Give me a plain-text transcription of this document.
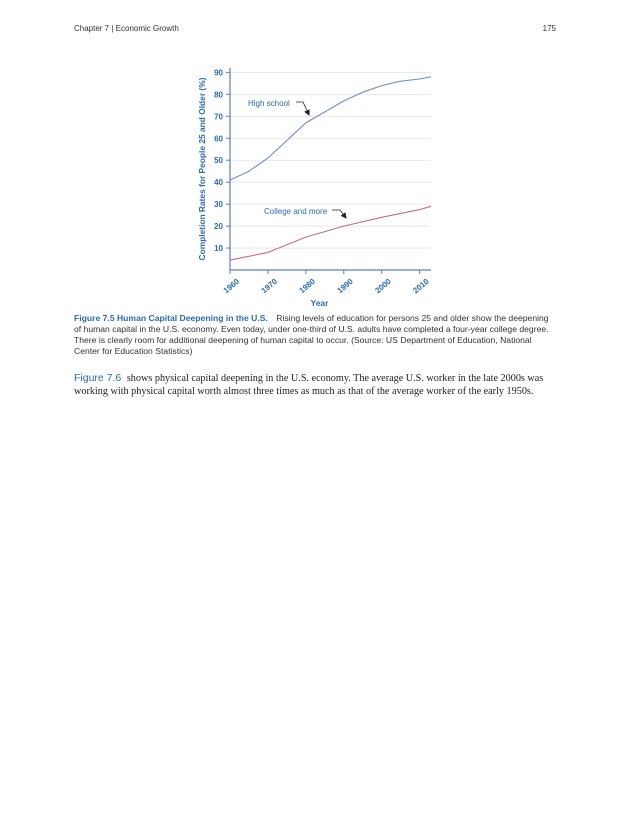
Chapter 7 | Economic Growth	175
10
20
30
40
50
60
70
80
90
1960 1970 1980 1990 2000 2010
High school
College and more
Completion Rates for People 25 and Older (%)
Year
Figure 7.5 Human Capital Deepening in the U.S. Rising levels of education for persons 25 and older show the deepening of human capital in the U.S. economy. Even today, under one-third of U.S. adults have completed a four-year college degree. There is clearly room for additional deepening of human capital to occur. (Source: US Department of Education, National Center for Education Statistics)
Figure 7.6 shows physical capital deepening in the U.S. economy. The average U.S. worker in the late 2000s was working with physical capital worth almost three times as much as that of the average worker of the early 1950s.
